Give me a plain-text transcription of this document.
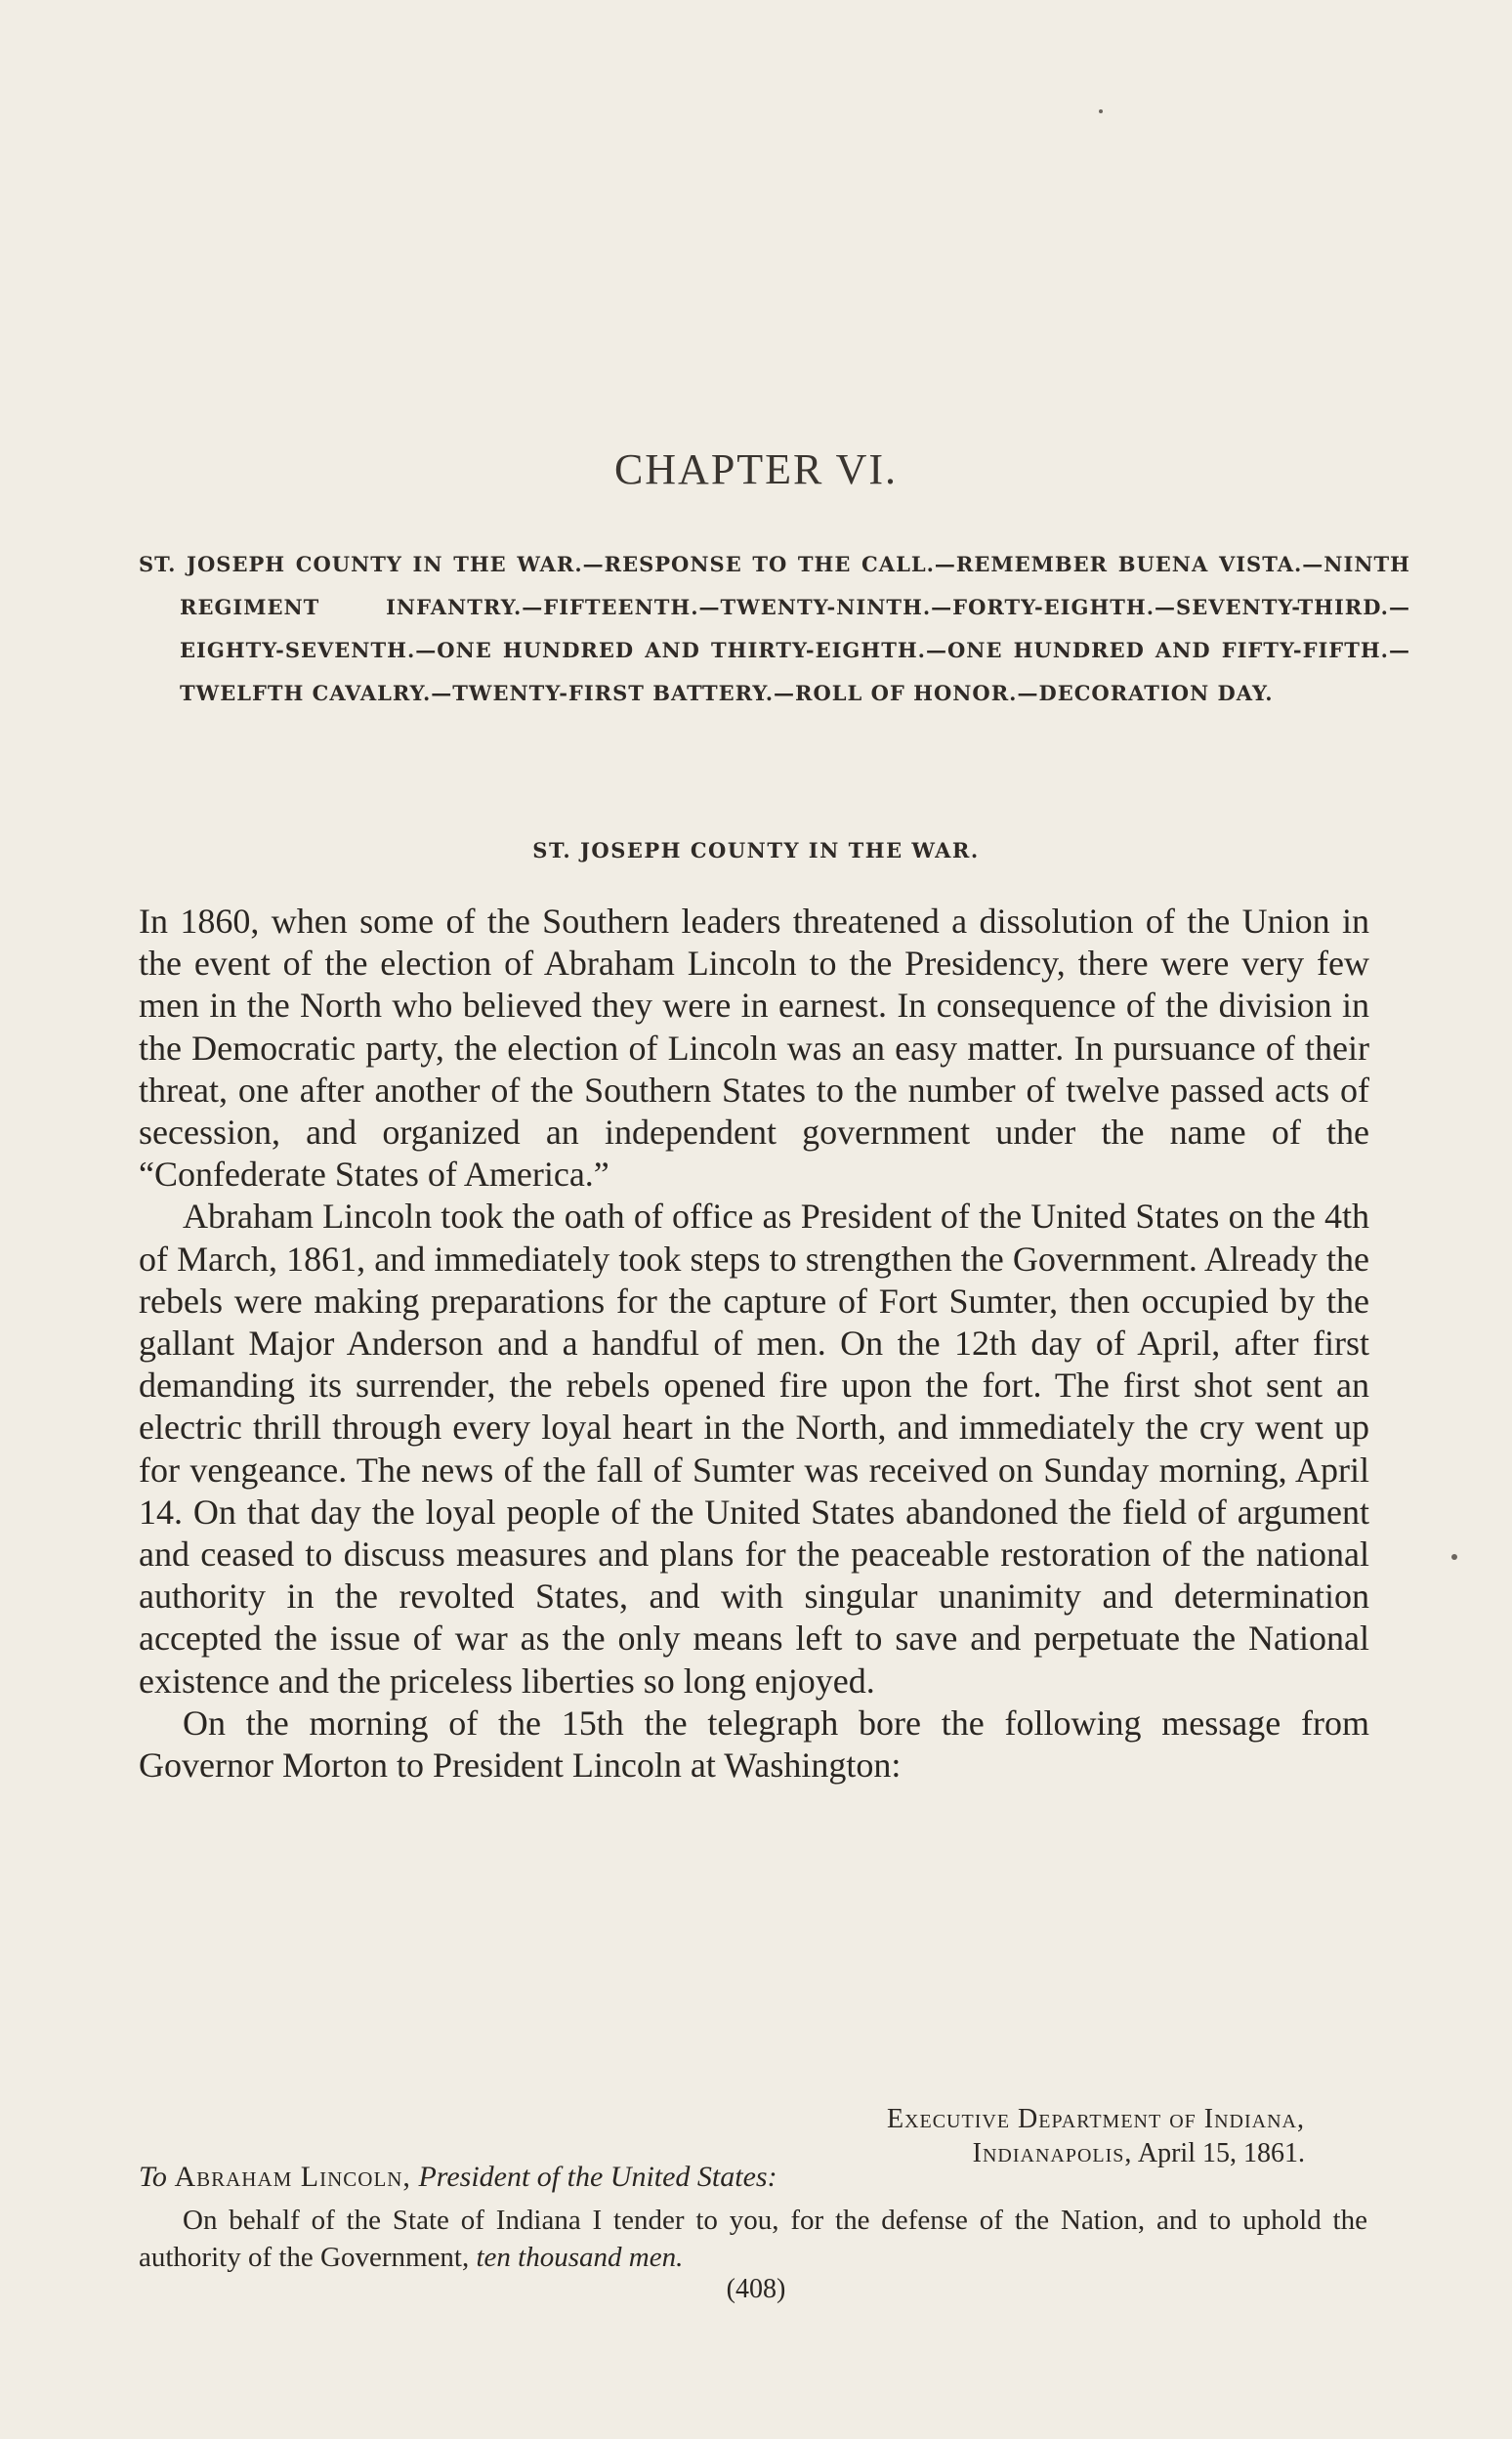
CHAPTER VI.
ST. JOSEPH COUNTY IN THE WAR.—RESPONSE TO THE CALL.—REMEMBER BUENA VISTA.—NINTH REGIMENT INFANTRY.—FIFTEENTH.—TWENTY-NINTH.—FORTY-EIGHTH.—SEVENTY-THIRD.—EIGHTY-SEVENTH.—ONE HUNDRED AND THIRTY-EIGHTH.—ONE HUNDRED AND FIFTY-FIFTH.—TWELFTH CAVALRY.—TWENTY-FIRST BATTERY.—ROLL OF HONOR.—DECORATION DAY.
ST. JOSEPH COUNTY IN THE WAR.

In 1860, when some of the Southern leaders threatened a dissolution of the Union in the event of the election of Abraham Lincoln to the Presidency, there were very few men in the North who believed they were in earnest. In consequence of the division in the Democratic party, the election of Lincoln was an easy matter. In pursuance of their threat, one after another of the Southern States to the number of twelve passed acts of secession, and organized an independent government under the name of the “Confederate States of America.”

Abraham Lincoln took the oath of office as President of the United States on the 4th of March, 1861, and immediately took steps to strengthen the Government. Already the rebels were making preparations for the capture of Fort Sumter, then occupied by the gallant Major Anderson and a handful of men. On the 12th day of April, after first demanding its surrender, the rebels opened fire upon the fort. The first shot sent an electric thrill through every loyal heart in the North, and immediately the cry went up for vengeance. The news of the fall of Sumter was received on Sunday morning, April 14. On that day the loyal people of the United States abandoned the field of argument and ceased to discuss measures and plans for the peaceable restoration of the national authority in the revolted States, and with singular unanimity and determination accepted the issue of war as the only means left to save and perpetuate the National existence and the priceless liberties so long enjoyed.

On the morning of the 15th the telegraph bore the following message from Governor Morton to President Lincoln at Washington:

Executive Department of Indiana,
Indianapolis, April 15, 1861.
To Abraham Lincoln, President of the United States:

On behalf of the State of Indiana I tender to you, for the defense of the Nation, and to uphold the authority of the Government, ten thousand men.

(408)
